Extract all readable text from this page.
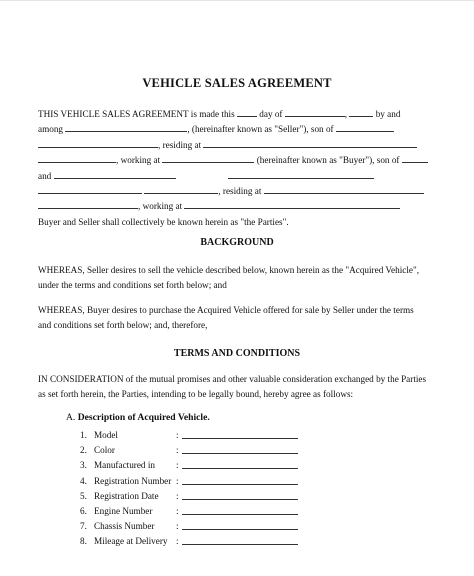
VEHICLE SALES AGREEMENT
THIS VEHICLE SALES AGREEMENT is made this	day of	,	by and
among	, (hereinafter known as "Seller"), son of
, residing at
, working at	(hereinafter known as "Buyer"), son of
and
, residing at
, working at
Buyer and Seller shall collectively be known herein as "the Parties".
BACKGROUND
WHEREAS, Seller desires to sell the vehicle described below, known herein as the "Acquired Vehicle",
under the terms and conditions set forth below; and
WHEREAS, Buyer desires to purchase the Acquired Vehicle offered for sale by Seller under the terms
and conditions set forth below; and, therefore,
TERMS AND CONDITIONS
IN CONSIDERATION of the mutual promises and other valuable consideration exchanged by the Parties
as set forth herein, the Parties, intending to be legally bound, hereby agree as follows:
A. Description of Acquired Vehicle.
1. Model	:
2. Color	:
3. Manufactured in :
4. Registration Number :
5. Registration Date :
6. Engine Number	:
7. Chassis Number :
8. Mileage at Delivery :
